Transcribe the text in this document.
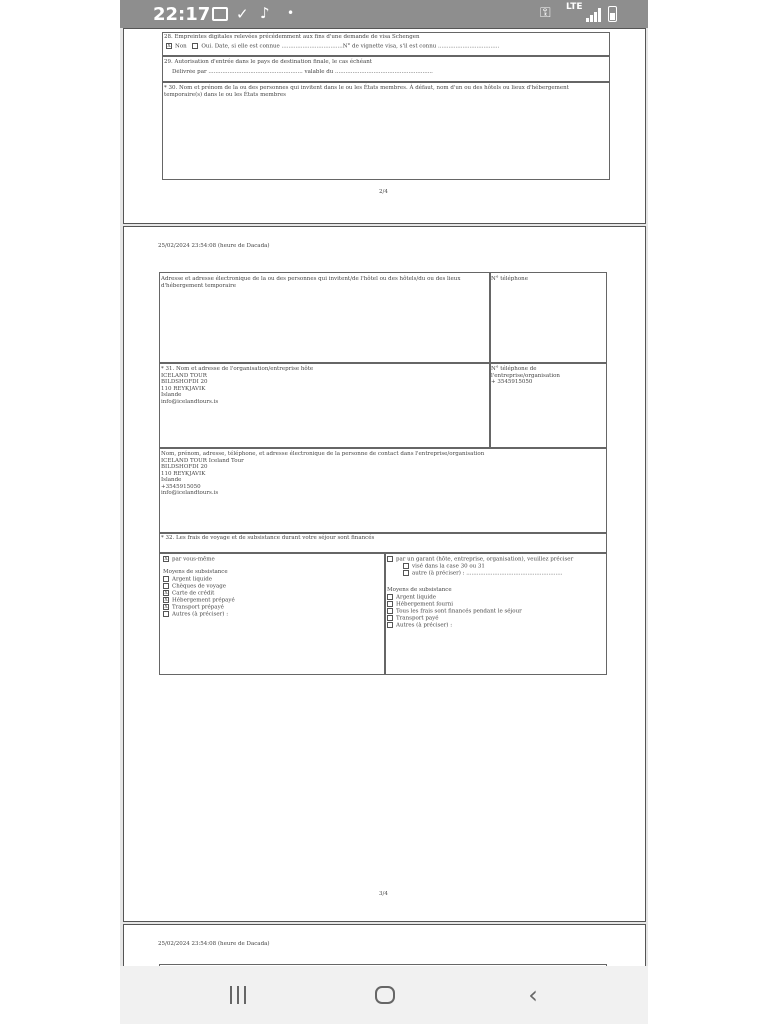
22:17 ✓ ♪ •	⚿ LTE
28. Empreintes digitales relevées précédemment aux fins d'une demande de visa Schengen
X Non	Oui. Date, si elle est connue ...................................N° de vignette visa, s'il est connu ...................................
29. Autorisation d'entrée dans le pays de destination finale, le cas échéant
Délivrée par ...................................................... valable du ........................................................
* 30. Nom et prénom de la ou des personnes qui invitent dans le ou les États membres. À défaut, nom d'un ou des hôtels ou lieux d'hébergement temporaire(s) dans le ou les États membres
2/4
25/02/2024 23:54:08 (heure de Dacada)
Adresse et adresse électronique de la ou des personnes qui invitent/de l'hôtel ou des hôtels/du ou des lieux d'hébergement temporaire
N° téléphone
* 31. Nom et adresse de l'organisation/entreprise hôte
ICELAND TOUR
BILDSHOFDI 20
110 REYKJAVIK
Islande
info@icelandtours.is
N° téléphone de l'entreprise/organisation
+ 3545915050
Nom, prénom, adresse, téléphone, et adresse électronique de la personne de contact dans l'entreprise/organisation
ICELAND TOUR Iceland Tour
BILDSHOFDI 20
110 REYKJAVIK
Islande
+3545915050
info@icelandtours.is
* 32. Les frais de voyage et de subsistance durant votre séjour sont financés
X par vous-même
Moyens de subsistance
Argent liquide
Chèques de voyage
X Carte de crédit
X Hébergement prépayé
X Transport prépayé
Autres (à préciser) :
par un garant (hôte, entreprise, organisation), veuillez préciser
visé dans la case 30 ou 31
autre (à préciser) : .......................................................
Moyens de subsistance
Argent liquide
Hébergement fourni
Tous les frais sont financés pendant le séjour
Transport payé
Autres (à préciser) :
3/4
25/02/2024 23:54:08 (heure de Dacada)
‹
